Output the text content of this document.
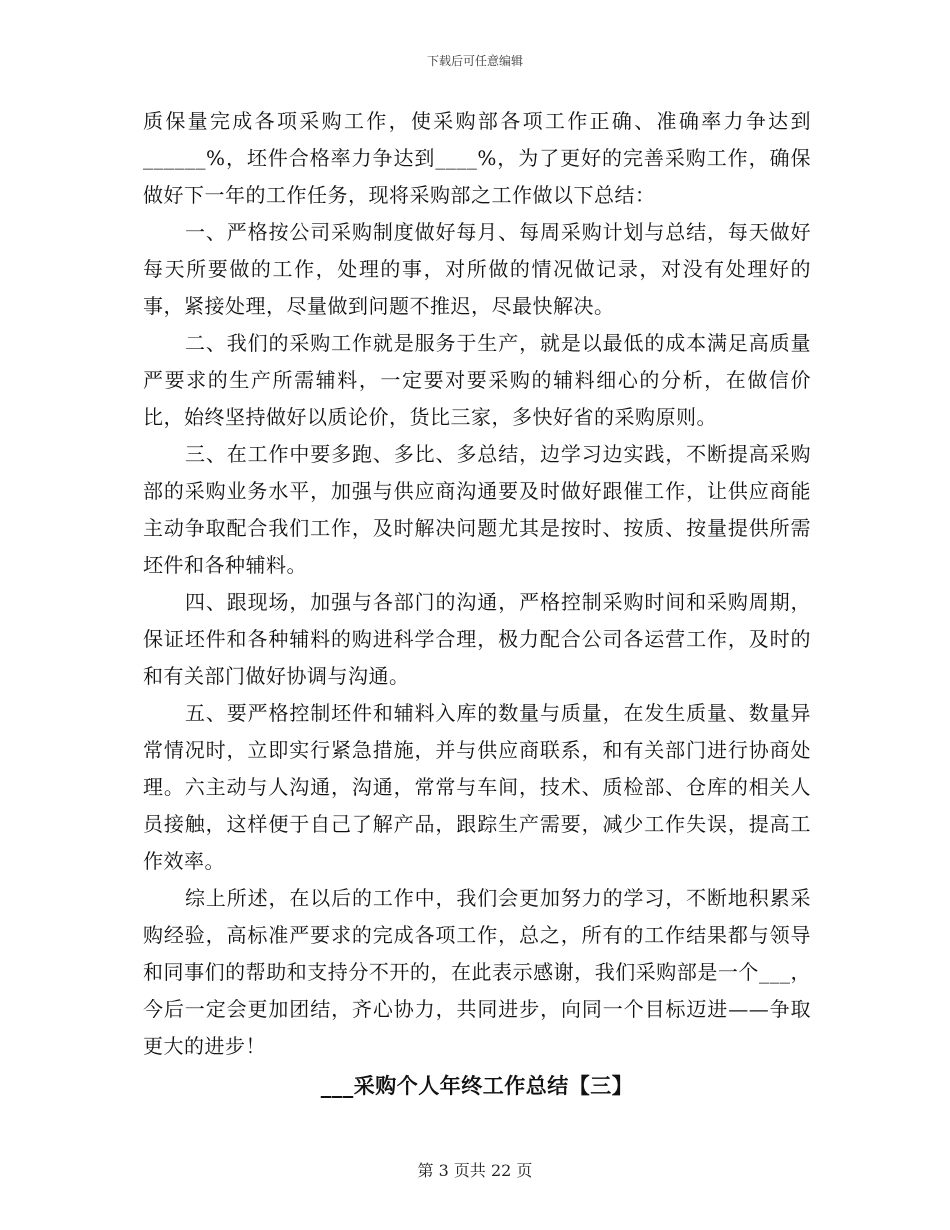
下载后可任意编辑

质保量完成各项采购工作，使采购部各项工作正确、准确率力争达到______%，坯件合格率力争达到____%，为了更好的完善采购工作，确保做好下一年的工作任务，现将采购部之工作做以下总结：

一、严格按公司采购制度做好每月、每周采购计划与总结，每天做好每天所要做的工作，处理的事，对所做的情况做记录，对没有处理好的事，紧接处理，尽量做到问题不推迟，尽最快解决。

二、我们的采购工作就是服务于生产，就是以最低的成本满足高质量严要求的生产所需辅料，一定要对要采购的辅料细心的分析，在做信价比，始终坚持做好以质论价，货比三家，多快好省的采购原则。

三、在工作中要多跑、多比、多总结，边学习边实践，不断提高采购部的采购业务水平，加强与供应商沟通要及时做好跟催工作，让供应商能主动争取配合我们工作，及时解决问题尤其是按时、按质、按量提供所需坯件和各种辅料。

四、跟现场，加强与各部门的沟通，严格控制采购时间和采购周期，保证坯件和各种辅料的购进科学合理，极力配合公司各运营工作，及时的和有关部门做好协调与沟通。

五、要严格控制坯件和辅料入库的数量与质量，在发生质量、数量异常情况时，立即实行紧急措施，并与供应商联系，和有关部门进行协商处理。六主动与人沟通，沟通，常常与车间，技术、质检部、仓库的相关人员接触，这样便于自己了解产品，跟踪生产需要，减少工作失误，提高工作效率。

综上所述，在以后的工作中，我们会更加努力的学习，不断地积累采购经验，高标准严要求的完成各项工作，总之，所有的工作结果都与领导和同事们的帮助和支持分不开的，在此表示感谢，我们采购部是一个___，今后一定会更加团结，齐心协力，共同进步，向同一个目标迈进——争取更大的进步！

___采购个人年终工作总结【三】

第 3 页共 22 页
